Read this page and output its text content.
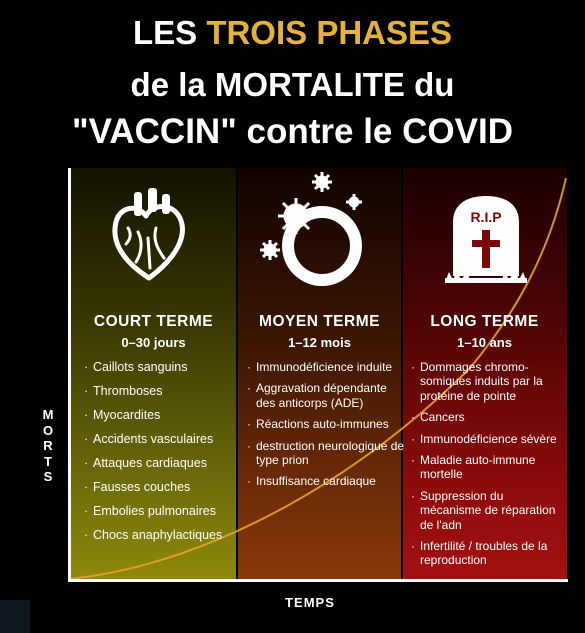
LES TROIS PHASES
de la MORTALITE du
"VACCIN" contre le COVID
R.I.P
COURT TERME
0–30 jours
MOYEN TERME
1–12 mois
LONG TERME
1–10 ans
· Caillots sanguins
· Thromboses
· Myocardites
· Accidents vasculaires
· Attaques cardiaques
· Fausses couches
· Embolies pulmonaires
· Chocs anaphylactiques
· Immunodéficience induite
· Aggravation dépendante des anticorps (ADE)
· Réactions auto-immunes
· destruction neurologique de type prion
· Insuffisance cardiaque
· Dommages chromo-somiques induits par la protéine de pointe
· Cancers
· Immunodéficience sévère
· Maladie auto-immune mortelle
· Suppression du mécanisme de réparation de l'adn
· Infertilité / troubles de la reproduction
M
O
R
T
S
TEMPS
